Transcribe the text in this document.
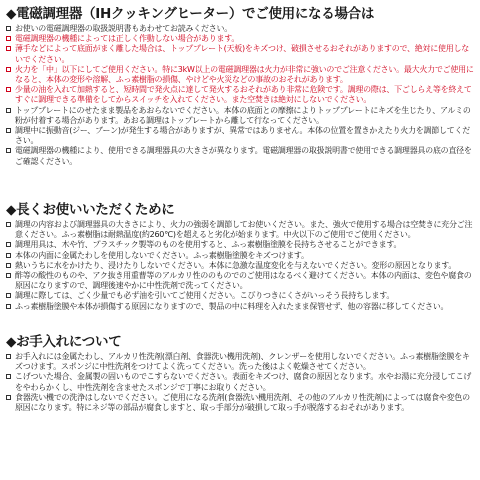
◆電磁調理器（IHクッキングヒーター）でご使用になる場合は
お使いの電磁調理器の取扱説明書もあわせてお読みください。
電磁調理器の機種によっては正しく作動しない場合があります。
薄手などによって底面がまく離した場合は、トッププレート(天板)をキズつけ、破損させるおそれがありますので、絶対に使用しないでください。
火力を「中」以下にしてご使用ください。特に3kW以上の電磁調理器は火力が非常に強いのでご注意ください。最大火力でご使用になると、本体の変形や溶解、ふっ素樹脂の損傷、やけどや火災などの事故のおそれがあります。
少量の油を入れて加熱すると、短時間で発火点に達して発火するおそれがあり非常に危険です。調理の際は、下ごしらえ等を終えてすぐに調理できる準備をしてからスイッチを入れてください。また空焚きは絶対にしないでください。
トッププレートにのせたまま製品をあおらないでください。本体の底面との摩擦によりトッププレートにキズを生じたり、アルミの粉が付着する場合があります。あおる調理はトップレートから離して行なってください。
調理中に振動音(ジー、ブーン)が発生する場合がありますが、異常ではありません。本体の位置を置きかえたり火力を調節してください。
電磁調理器の機種により、使用できる調理器具の大きさが異なります。電磁調理器の取扱説明書で使用できる調理器具の底の直径をご確認ください。
◆長くお使いいただくために
調理の内容および調理器具の大きさにより、火力の強弱を調節してお使いください。また、強火で使用する場合は空焚きに充分ご注意ください。ふっ素樹脂は耐熱温度(約260℃)を超えると劣化が始まります。中火以下のご使用でご使用ください。
調理用具は、木や竹、プラスチック製等のものを使用すると、ふっ素樹脂塗膜を長持ちさせることができます。
本体の内面に金属たわしを使用しないでください。ふっ素樹脂塗膜をキズつけます。
熱いうちに水をかけたり、浸けたりしないでください。本体に急激な温度変化を与えないでください。変形の原因となります。
酢等の酸性のものや、アク抜き用重曹等のアルカリ性ののものでのご使用はなるべく避けてください。本体の内面は、変色や腐食の原因になりますので、調理後速やかに中性洗剤で洗ってください。
調理に際しては、ごく少量でも必ず油を引いてご使用ください。こびりつきにくさがいっそう長持ちします。
ふっ素樹脂塗膜や本体が損傷する原因になりますので、製品の中に料理を入れたまま保管せず、他の容器に移してください。
◆お手入れについて
お手入れには金属たわし、アルカリ性洗剤(漂白剤、食器洗い機用洗剤)、クレンザーを使用しないでください。ふっ素樹脂塗膜をキズつけます。スポンジに中性洗剤をつけてよく洗ってください。洗った後はよく乾燥させてください。
こげついた場合、金属製の固いものでこすらないでください。表面をキズつけ、腐食の原因となります。水やお湯に充分浸してこげをやわらかくし、中性洗剤を含ませたスポンジで丁寧にお取りください。
食器洗い機での洗浄はしないでください。ご使用になる洗剤(食器洗い機用洗剤、その他のアルカリ性洗剤)によっては腐食や変色の原因になります。特にネジ等の部品が腐食しますと、取っ手部分が破損して取っ手が脱落するおそれがあります。
